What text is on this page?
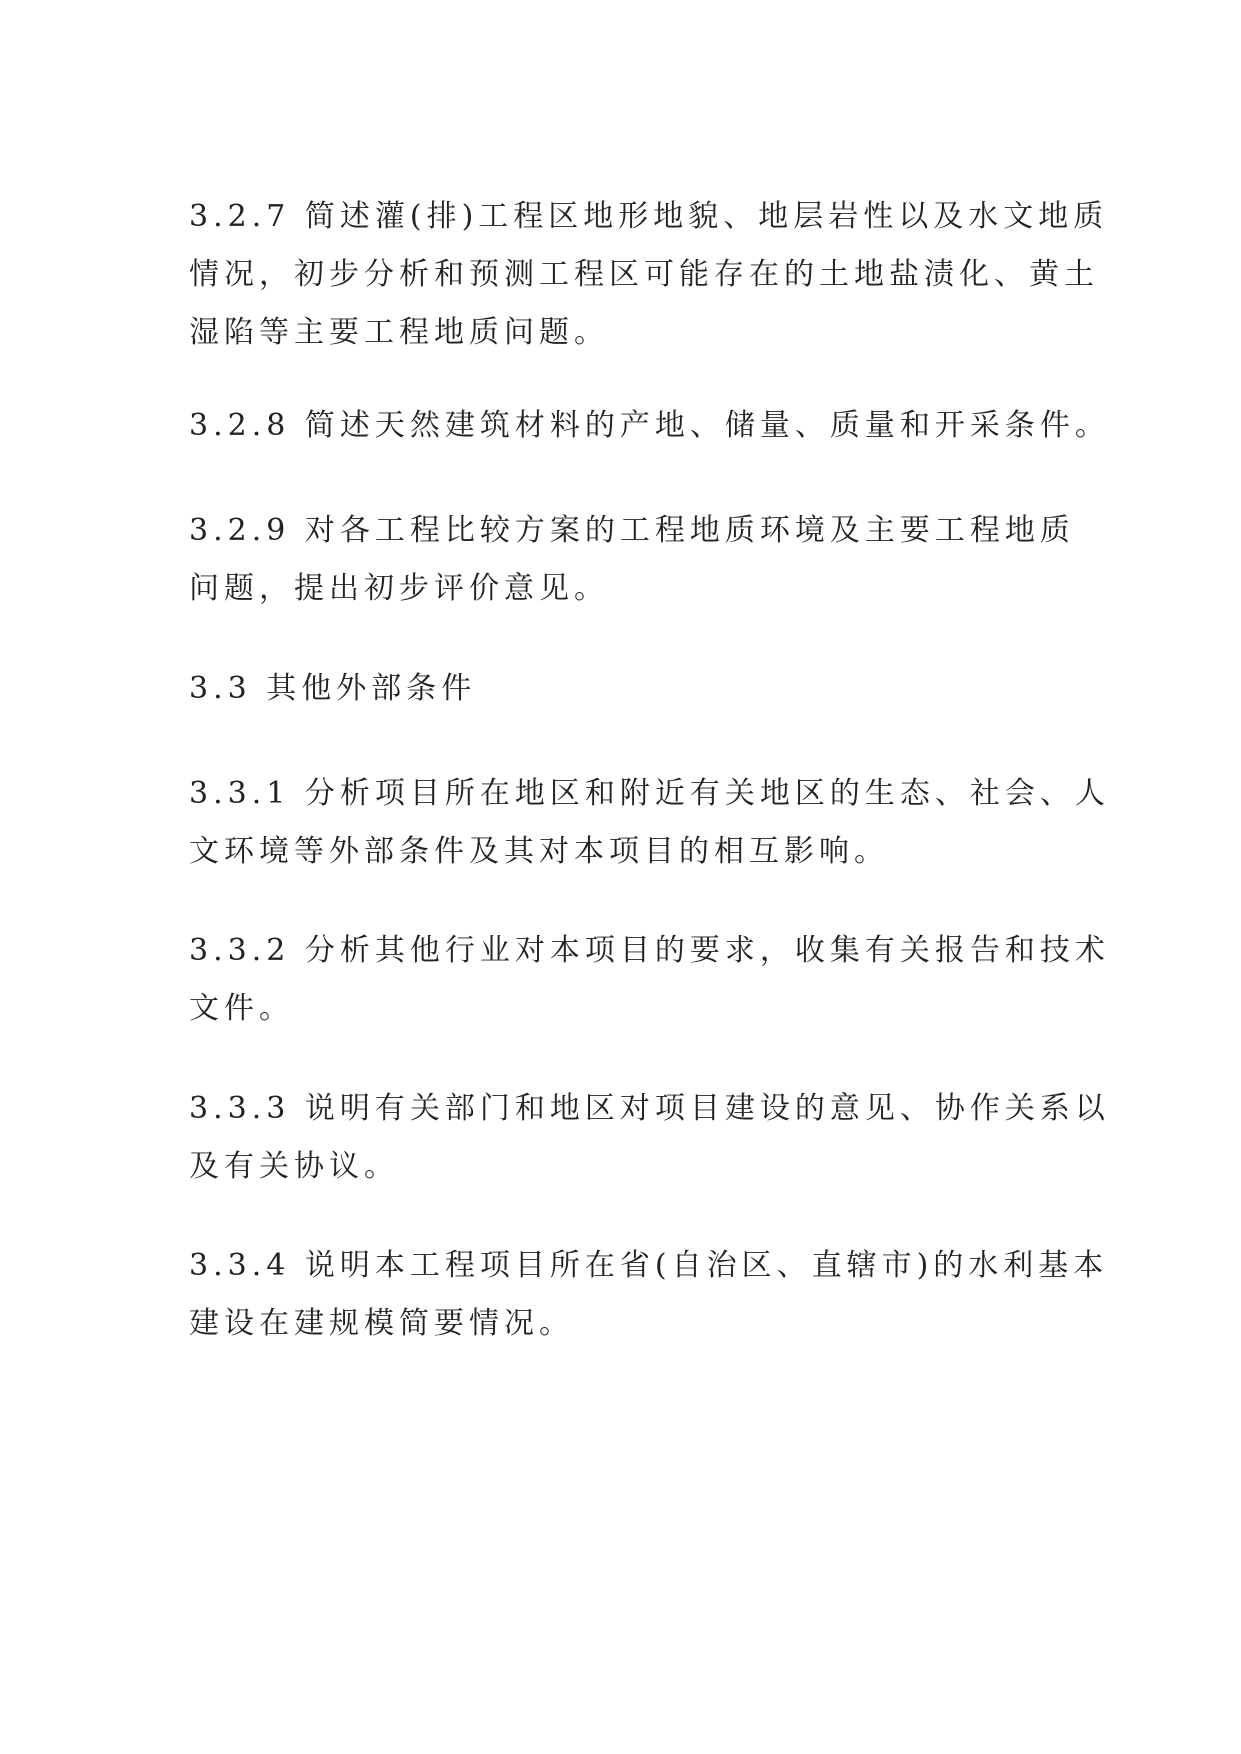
3.2.7 简述灌(排)工程区地形地貌、地层岩性以及水文地质
情况，初步分析和预测工程区可能存在的土地盐渍化、黄土
湿陷等主要工程地质问题。
3.2.8 简述天然建筑材料的产地、储量、质量和开采条件。
3.2.9 对各工程比较方案的工程地质环境及主要工程地质
问题，提出初步评价意见。
3.3 其他外部条件
3.3.1 分析项目所在地区和附近有关地区的生态、社会、人
文环境等外部条件及其对本项目的相互影响。
3.3.2 分析其他行业对本项目的要求，收集有关报告和技术
文件。
3.3.3 说明有关部门和地区对项目建设的意见、协作关系以
及有关协议。
3.3.4 说明本工程项目所在省(自治区、直辖市)的水利基本
建设在建规模简要情况。
